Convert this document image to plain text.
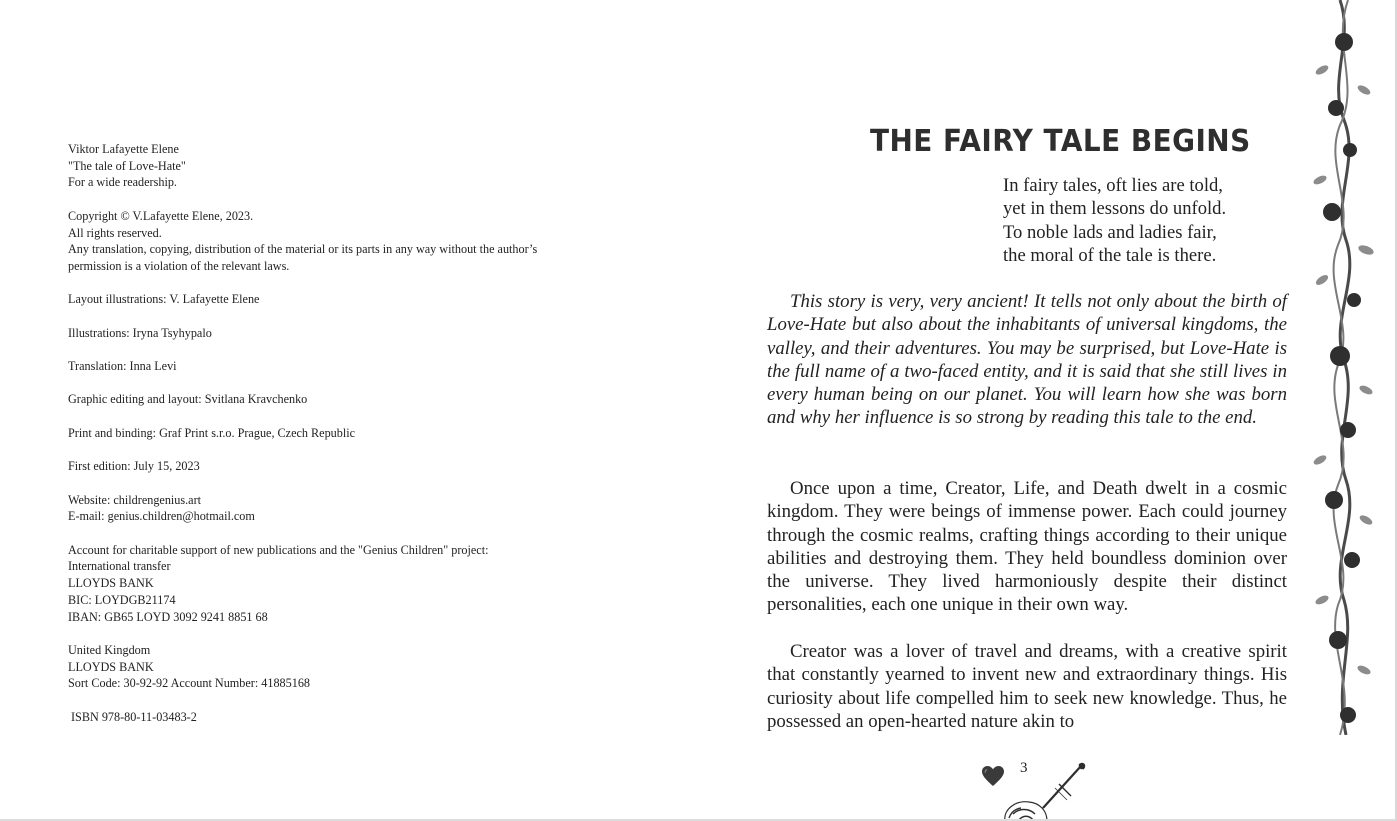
Viktor Lafayette Elene
"The tale of Love-Hate"
For a wide readership.
Copyright © V.Lafayette Elene, 2023.
All rights reserved.
Any translation, copying, distribution of the material or its parts in any way without the author’s
permission is a violation of the relevant laws.
Layout illustrations: V. Lafayette Elene
Illustrations: Iryna Tsyhypalo
Translation: Inna Levi
Graphic editing and layout: Svitlana Kravchenko
Print and binding: Graf Print s.r.o. Prague, Czech Republic
First edition: July 15, 2023
Website: childrengenius.art
E-mail: genius.children@hotmail.com
Account for charitable support of new publications and the "Genius Children" project:
International transfer
LLOYDS BANK
BIC: LOYDGB21174
IBAN: GB65 LOYD 3092 9241 8851 68
United Kingdom
LLOYDS BANK
Sort Code: 30-92-92 Account Number: 41885168
ISBN 978-80-11-03483-2
THE FAIRY TALE BEGINS
In fairy tales, oft lies are told,
yet in them lessons do unfold.
To noble lads and ladies fair,
the moral of the tale is there.

This story is very, very ancient! It tells not only about the birth of Love-Hate but also about the inhabitants of universal kingdoms, the valley, and their adventures. You may be surprised, but Love-Hate is the full name of a two-faced entity, and it is said that she still lives in every human being on our planet. You will learn how she was born and why her influence is so strong by reading this tale to the end.

Once upon a time, Creator, Life, and Death dwelt in a cosmic kingdom. They were beings of immense power. Each could journey through the cosmic realms, crafting things according to their unique abilities and destroying them. They held boundless dominion over the universe. They lived harmoniously despite their distinct personalities, each one unique in their own way.

Creator was a lover of travel and dreams, with a creative spirit that constantly yearned to invent new and extraordinary things. His curiosity about life compelled him to seek new knowledge. Thus, he possessed an open-hearted nature akin to

3
